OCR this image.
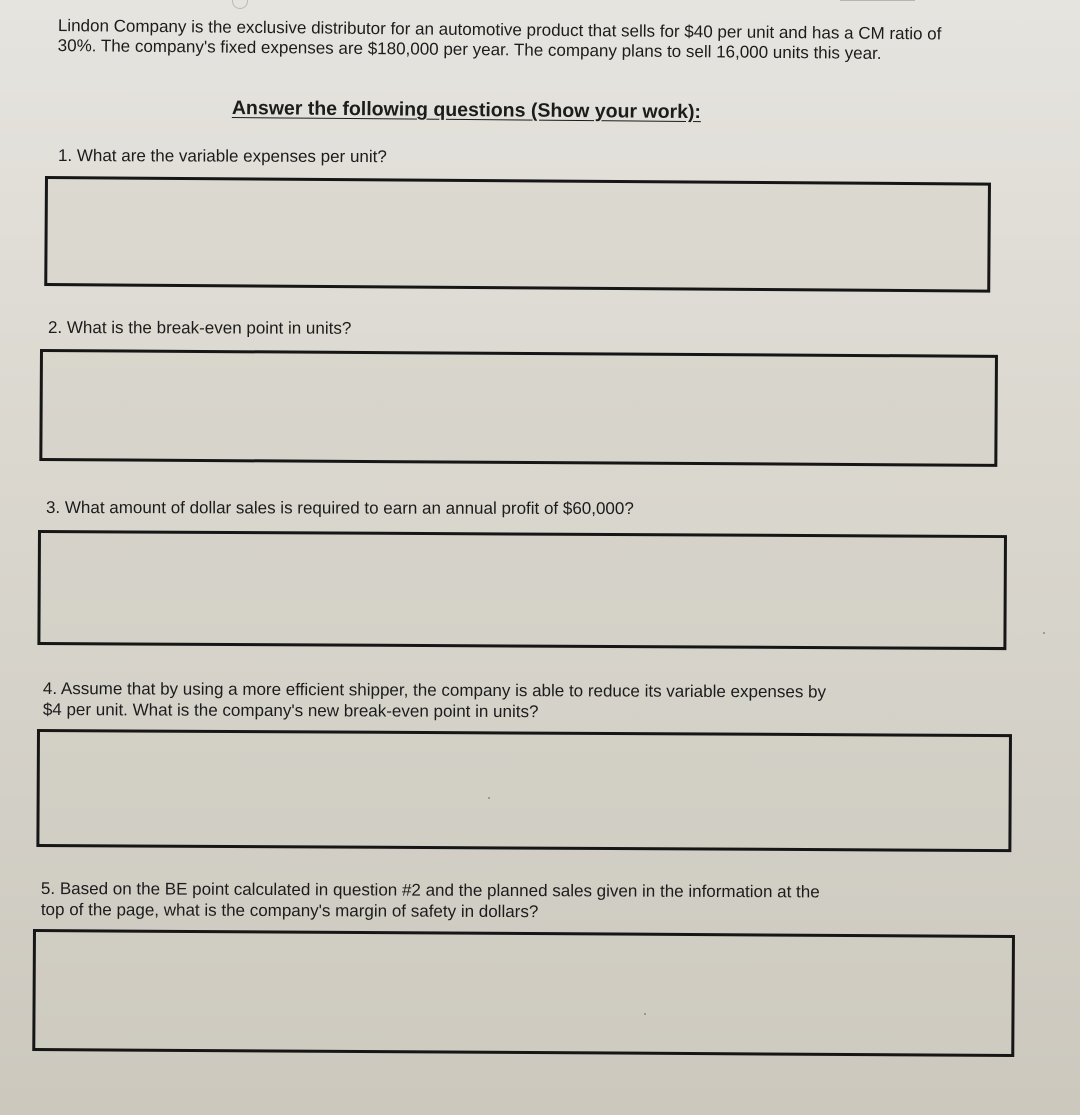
Lindon Company is the exclusive distributor for an automotive product that sells for $40 per unit and has a CM ratio of 30%. The company's fixed expenses are $180,000 per year. The company plans to sell 16,000 units this year.

Answer the following questions (Show your work):
1. What are the variable expenses per unit?
2. What is the break-even point in units?
3. What amount of dollar sales is required to earn an annual profit of $60,000?
4. Assume that by using a more efficient shipper, the company is able to reduce its variable expenses by
$4 per unit. What is the company's new break-even point in units?
5. Based on the BE point calculated in question #2 and the planned sales given in the information at the
top of the page, what is the company's margin of safety in dollars?
